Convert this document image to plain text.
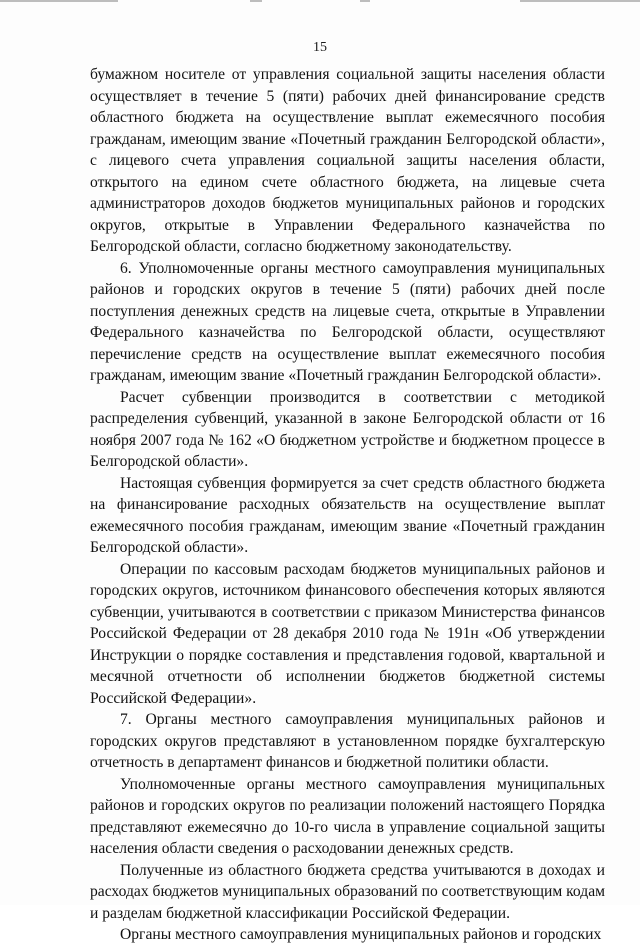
15

бумажном носителе от управления социальной защиты населения области осуществляет в течение 5 (пяти) рабочих дней финансирование средств областного бюджета на осуществление выплат ежемесячного пособия гражданам, имеющим звание «Почетный гражданин Белгородской области», с лицевого счета управления социальной защиты населения области, открытого на едином счете областного бюджета, на лицевые счета администраторов доходов бюджетов муниципальных районов и городских округов, открытые в Управлении Федерального казначейства по Белгородской области, согласно бюджетному законодательству.

6. Уполномоченные органы местного самоуправления муниципальных районов и городских округов в течение 5 (пяти) рабочих дней после поступления денежных средств на лицевые счета, открытые в Управлении Федерального казначейства по Белгородской области, осуществляют перечисление средств на осуществление выплат ежемесячного пособия гражданам, имеющим звание «Почетный гражданин Белгородской области».

Расчет субвенции производится в соответствии с методикой распределения субвенций, указанной в законе Белгородской области от 16 ноября 2007 года № 162 «О бюджетном устройстве и бюджетном процессе в Белгородской области».

Настоящая субвенция формируется за счет средств областного бюджета на финансирование расходных обязательств на осуществление выплат ежемесячного пособия гражданам, имеющим звание «Почетный гражданин Белгородской области».

Операции по кассовым расходам бюджетов муниципальных районов и городских округов, источником финансового обеспечения которых являются субвенции, учитываются в соответствии с приказом Министерства финансов Российской Федерации от 28 декабря 2010 года № 191н «Об утверждении Инструкции о порядке составления и представления годовой, квартальной и месячной отчетности об исполнении бюджетов бюджетной системы Российской Федерации».

7. Органы местного самоуправления муниципальных районов и городских округов представляют в установленном порядке бухгалтерскую отчетность в департамент финансов и бюджетной политики области.

Уполномоченные органы местного самоуправления муниципальных районов и городских округов по реализации положений настоящего Порядка представляют ежемесячно до 10-го числа в управление социальной защиты населения области сведения о расходовании денежных средств.

Полученные из областного бюджета средства учитываются в доходах и расходах бюджетов муниципальных образований по соответствующим кодам и разделам бюджетной классификации Российской Федерации.

Органы местного самоуправления муниципальных районов и городских
